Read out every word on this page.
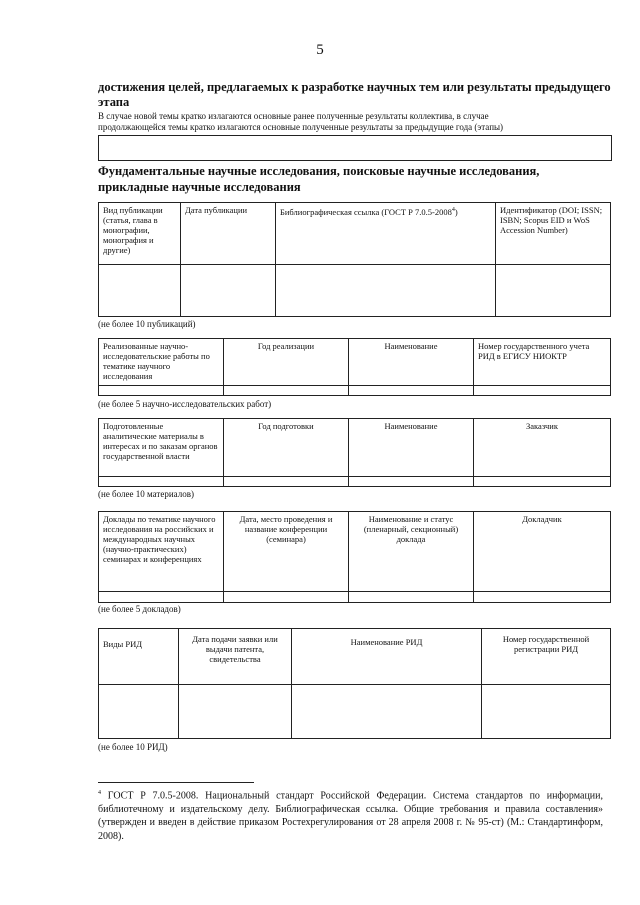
5
достижения целей, предлагаемых к разработке научных тем или результаты предыдущего
этапа
В случае новой темы кратко излагаются основные ранее полученные результаты коллектива, в случае
продолжающейся темы кратко излагаются основные полученные результаты за предыдущие года (этапы)
Фундаментальные научные исследования, поисковые научные исследования,
прикладные научные исследования
Вид публикации (статья, глава в монографии, монография и другие)	Дата публикации	Библиографическая ссылка (ГОСТ Р 7.0.5-2008$^4$)	Идентификатор (DOI; ISSN; ISBN; Scopus EID и WoS Accession Number)

(не более 10 публикаций)
Реализованные научно-исследовательские работы по тематике научного исследования	Год реализации	Наименование	Номер государственного учета РИД в ЕГИСУ НИОКТР

(не более 5 научно-исследовательских работ)
Подготовленные аналитические материалы в интересах и по заказам органов государственной власти	Год подготовки	Наименование	Заказчик

(не более 10 материалов)
Доклады по тематике научного исследования на российских и международных научных (научно-практических) семинарах и конференциях	Дата, место проведения и название конференции (семинара)	Наименование и статус (пленарный, секционный) доклада	Докладчик

(не более 5 докладов)
Виды РИД	Дата подачи заявки или выдачи патента, свидетельства	Наименование РИД	Номер государственной регистрации РИД

(не более 10 РИД)
$^4$ ГОСТ Р 7.0.5-2008. Национальный стандарт Российской Федерации. Система стандартов по информации, библиотечному и издательскому делу. Библиографическая ссылка. Общие требования и правила составления» (утвержден и введен в действие приказом Ростехрегулирования от 28 апреля 2008 г. № 95-ст) (М.: Стандартинформ, 2008).
